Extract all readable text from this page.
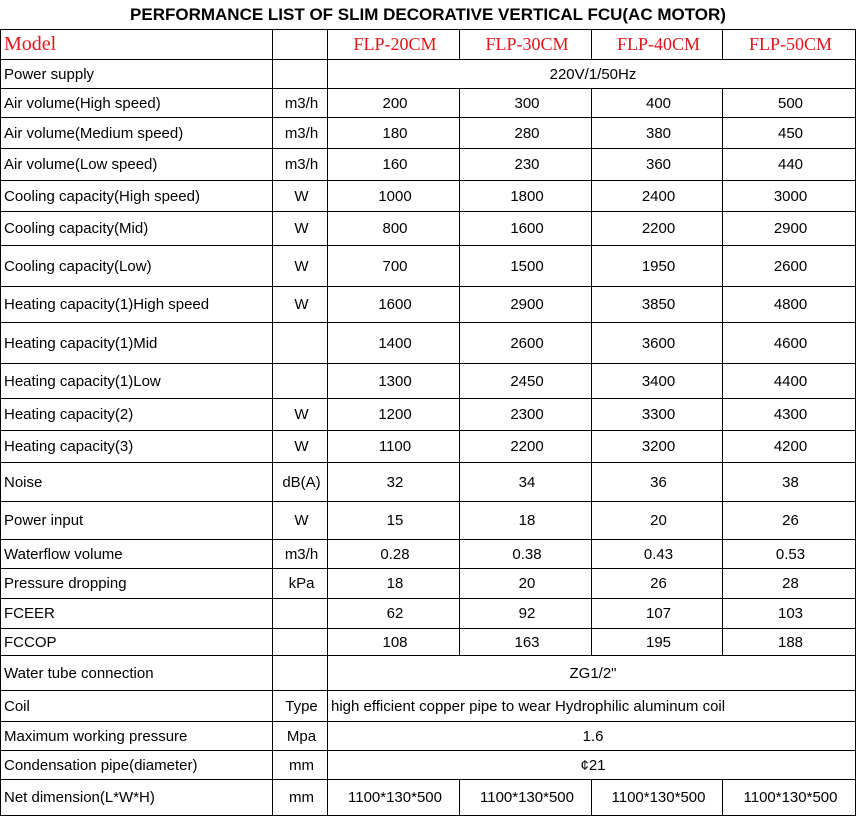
PERFORMANCE LIST OF SLIM DECORATIVE VERTICAL FCU(AC MOTOR)
Model		FLP-20CM	FLP-30CM	FLP-40CM	FLP-50CM
Power supply		220V/1/50Hz			
Air volume(High speed)	m3/h	200	300	400	500
Air volume(Medium speed)	m3/h	180	280	380	450
Air volume(Low speed)	m3/h	160	230	360	440
Cooling capacity(High speed)	W	1000	1800	2400	3000
Cooling capacity(Mid)	W	800	1600	2200	2900
Cooling capacity(Low)	W	700	1500	1950	2600
Heating capacity(1)High speed	W	1600	2900	3850	4800
Heating capacity(1)Mid		1400	2600	3600	4600
Heating capacity(1)Low		1300	2450	3400	4400
Heating capacity(2)	W	1200	2300	3300	4300
Heating capacity(3)	W	1100	2200	3200	4200
Noise	dB(A)	32	34	36	38
Power input	W	15	18	20	26
Waterflow volume	m3/h	0.28	0.38	0.43	0.53
Pressure dropping	kPa	18	20	26	28
FCEER		62	92	107	103
FCCOP		108	163	195	188
Water tube connection		ZG1/2"			
Coil	Type	high efficient copper pipe to wear Hydrophilic aluminum coil			
Maximum working pressure	Mpa	1.6			
Condensation pipe(diameter)	mm	¢21			
Net dimension(L*W*H)	mm	1100*130*500	1100*130*500	1100*130*500	1100*130*500
